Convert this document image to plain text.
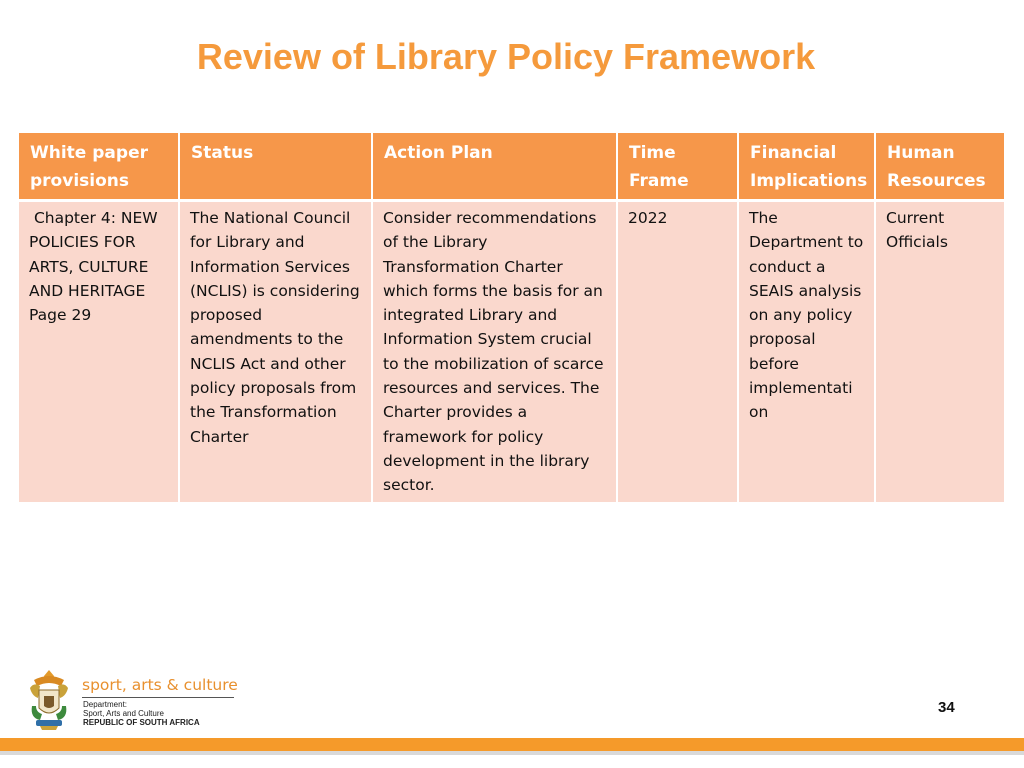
Review of Library Policy Framework
White paper provisions	Status	Action Plan	Time Frame	Financial Implications	Human Resources
Chapter 4: NEW POLICIES FOR ARTS, CULTURE AND HERITAGE Page 29	The National Council for Library and Information Services (NCLIS) is considering proposed amendments to the NCLIS Act and other policy proposals from the Transformation Charter	Consider recommendations of the Library Transformation Charter which forms the basis for an integrated Library and Information System crucial to the mobilization of scarce resources and services. The Charter provides a framework for policy development in the library sector.	2022	The Department to conduct a SEAIS analysis on any policy proposal before implementati on	Current Officials
sport, arts & culture
Department:
Sport, Arts and Culture
REPUBLIC OF SOUTH AFRICA
34
